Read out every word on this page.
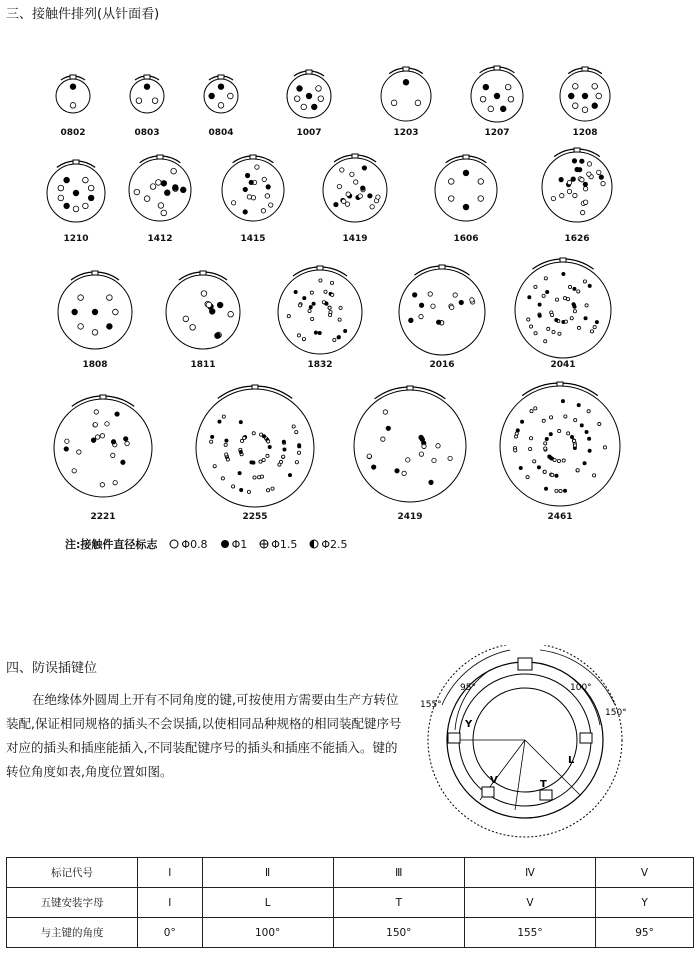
三、接触件排列(从针面看)
0802	0803	0804	1007	1203	1207	1208
1210	1412	1415	1419	1606	1626
1808	1811	1832	2016	2041
2221	2255	2419	2461
注:接触件直径标志 Φ0.8 Φ1 Φ1.5 Φ2.5
四、防误插键位
在绝缘体外圆周上开有不同角度的键,可按使用方需要由生产方转位装配,保证相同规格的插头不会误插,以使相同品种规格的相同装配键序号对应的插头和插座能插入,不同装配键序号的插头和插座不能插入。键的转位角度如表,角度位置如图。
95°	100°
155°
150°
Y
L
V	T
标记代号	I	Ⅱ	Ⅲ	Ⅳ	Ⅴ
五键安装字母	I	L	T	V	Y
与主键的角度	0°	100°	150°	155°	95°
